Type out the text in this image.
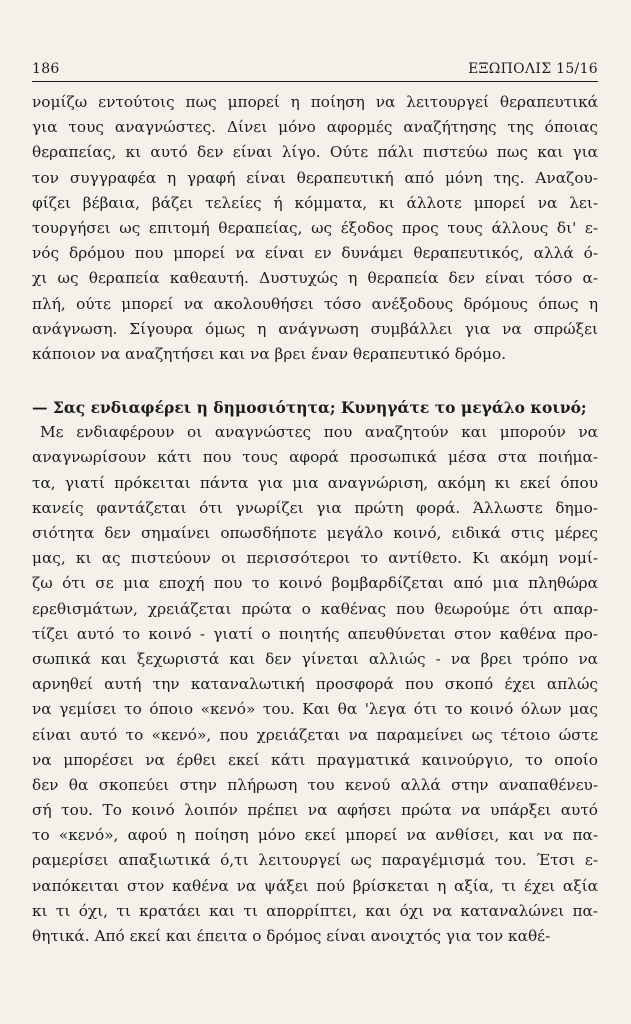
186	ΕΞΩΠΟΛΙΣ 15/16
νομίζω εντούτοις πως μπορεί η ποίηση να λειτουργεί θεραπευτικά
για τους αναγνώστες. Δίνει μόνο αφορμές αναζήτησης της όποιας
θεραπείας, κι αυτό δεν είναι λίγο. Ούτε πάλι πιστεύω πως και για
τον συγγραφέα η γραφή είναι θεραπευτική από μόνη της. Αναζου-
φίζει βέβαια, βάζει τελείες ή κόμματα, κι άλλοτε μπορεί να λει-
τουργήσει ως επιτομή θεραπείας, ως έξοδος προς τους άλλους δι' ε-
νός δρόμου που μπορεί να είναι εν δυνάμει θεραπευτικός, αλλά ό-
χι ως θεραπεία καθεαυτή. Δυστυχώς η θεραπεία δεν είναι τόσο α-
πλή, ούτε μπορεί να ακολουθήσει τόσο ανέξοδους δρόμους όπως η
ανάγνωση. Σίγουρα όμως η ανάγνωση συμβάλλει για να σπρώξει
κάποιον να αναζητήσει και να βρει έναν θεραπευτικό δρόμο.
— Σας ενδιαφέρει η δημοσιότητα; Κυνηγάτε το μεγάλο κοινό;
Με ενδιαφέρουν οι αναγνώστες που αναζητούν και μπορούν να
αναγνωρίσουν κάτι που τους αφορά προσωπικά μέσα στα ποιήμα-
τα, γιατί πρόκειται πάντα για μια αναγνώριση, ακόμη κι εκεί όπου
κανείς φαντάζεται ότι γνωρίζει για πρώτη φορά. Άλλωστε δημο-
σιότητα δεν σημαίνει οπωσδήποτε μεγάλο κοινό, ειδικά στις μέρες
μας, κι ας πιστεύουν οι περισσότεροι το αντίθετο. Κι ακόμη νομί-
ζω ότι σε μια εποχή που το κοινό βομβαρδίζεται από μια πληθώρα
ερεθισμάτων, χρειάζεται πρώτα ο καθένας που θεωρούμε ότι απαρ-
τίζει αυτό το κοινό - γιατί ο ποιητής απευθύνεται στον καθένα προ-
σωπικά και ξεχωριστά και δεν γίνεται αλλιώς - να βρει τρόπο να
αρνηθεί αυτή την καταναλωτική προσφορά που σκοπό έχει απλώς
να γεμίσει το όποιο «κενό» του. Και θα 'λεγα ότι το κοινό όλων μας
είναι αυτό το «κενό», που χρειάζεται να παραμείνει ως τέτοιο ώστε
να μπορέσει να έρθει εκεί κάτι πραγματικά καινούργιο, το οποίο
δεν θα σκοπεύει στην πλήρωση του κενού αλλά στην αναπαθένευ-
σή του. Το κοινό λοιπόν πρέπει να αφήσει πρώτα να υπάρξει αυτό
το «κενό», αφού η ποίηση μόνο εκεί μπορεί να ανθίσει, και να πα-
ραμερίσει απαξιωτικά ό,τι λειτουργεί ως παραγέμισμά του. Έτσι ε-
ναπόκειται στον καθένα να ψάξει πού βρίσκεται η αξία, τι έχει αξία
κι τι όχι, τι κρατάει και τι απορρίπτει, και όχι να καταναλώνει πα-
θητικά. Από εκεί και έπειτα ο δρόμος είναι ανοιχτός για τον καθέ-
